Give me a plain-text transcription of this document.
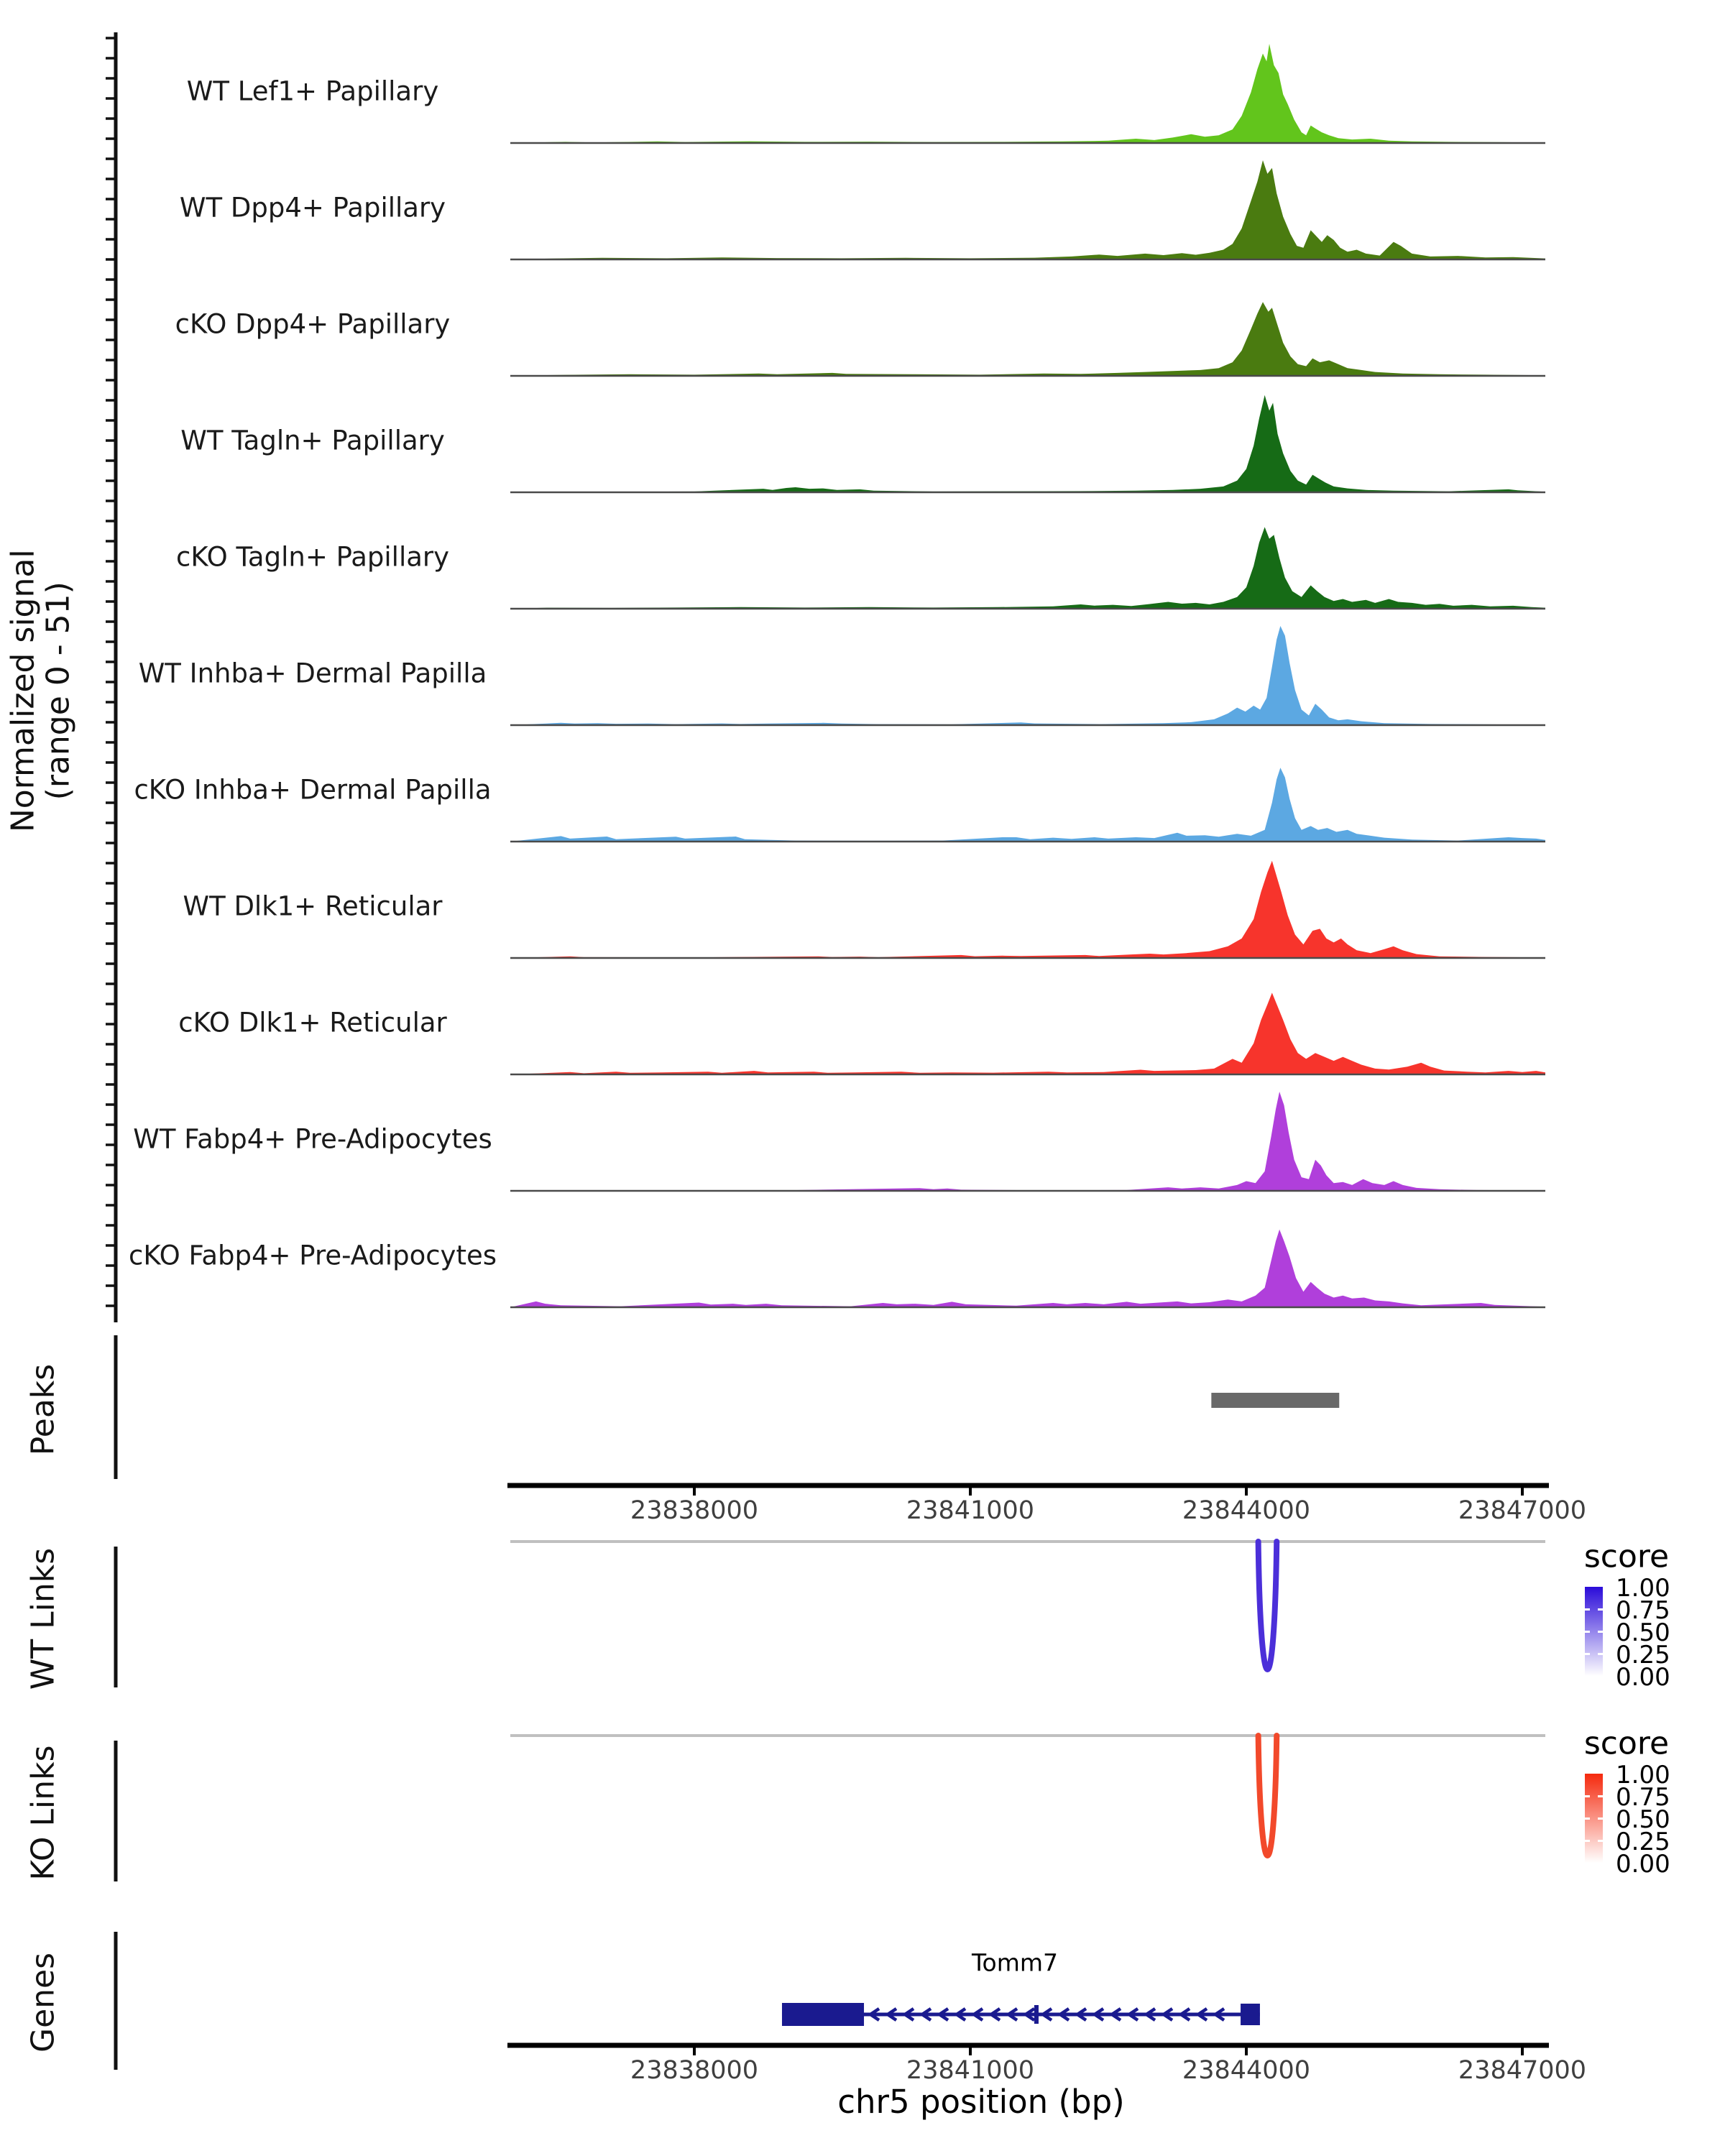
Normalized signal
(range 0 - 51)
Peaks
WT Links
KO Links
Genes
WT Lef1+ Papillary
WT Dpp4+ Papillary
cKO Dpp4+ Papillary
WT Tagln+ Papillary
cKO Tagln+ Papillary
WT Inhba+ Dermal Papilla
cKO Inhba+ Dermal Papilla
WT Dlk1+ Reticular
cKO Dlk1+ Reticular
WT Fabp4+ Pre-Adipocytes
cKO Fabp4+ Pre-Adipocytes
23838000	23841000	23844000	23847000
23838000	23841000	23844000	23847000
chr5 position (bp)
score
1.00
0.75
0.50
0.25
0.00
score
1.00
0.75
0.50
0.25
0.00
Tomm7
